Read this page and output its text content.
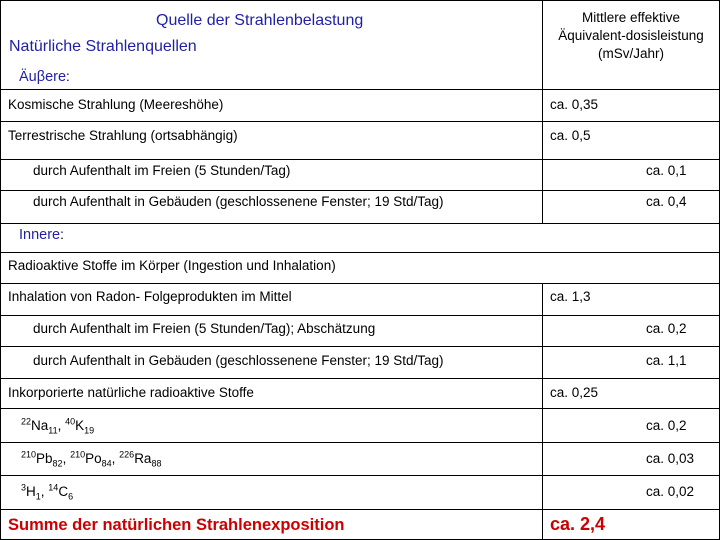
Quelle der Strahlenbelastung
Natürliche Strahlenquellen
Mittlere effektive
Äquivalent-dosisleistung
(mSv/Jahr)
Äuβere:
Kosmische Strahlung (Meereshöhe)	ca. 0,35
Terrestrische Strahlung (ortsabhängig)	ca. 0,5
durch Aufenthalt im Freien (5 Stunden/Tag)	ca. 0,1
durch Aufenthalt in Gebäuden (geschlossenene Fenster; 19 Std/Tag)	ca. 0,4
Innere:
Radioaktive Stoffe im Körper (Ingestion und Inhalation)
Inhalation von Radon- Folgeprodukten im Mittel	ca. 1,3
durch Aufenthalt im Freien (5 Stunden/Tag); Abschätzung	ca. 0,2
durch Aufenthalt in Gebäuden (geschlossenene Fenster; 19 Std/Tag)	ca. 1,1
Inkorporierte natürliche radioaktive Stoffe	ca. 0,25
$^{22}Na_{11}$, $^{40}K_{19}$	ca. 0,2
$^{210}Pb_{82}$, $^{210}Po_{84}$, $^{226}Ra_{88}$	ca. 0,03
$^3H_1$, $^{14}C_6$	ca. 0,02
Summe der natürlichen Strahlenexposition	ca. 2,4
